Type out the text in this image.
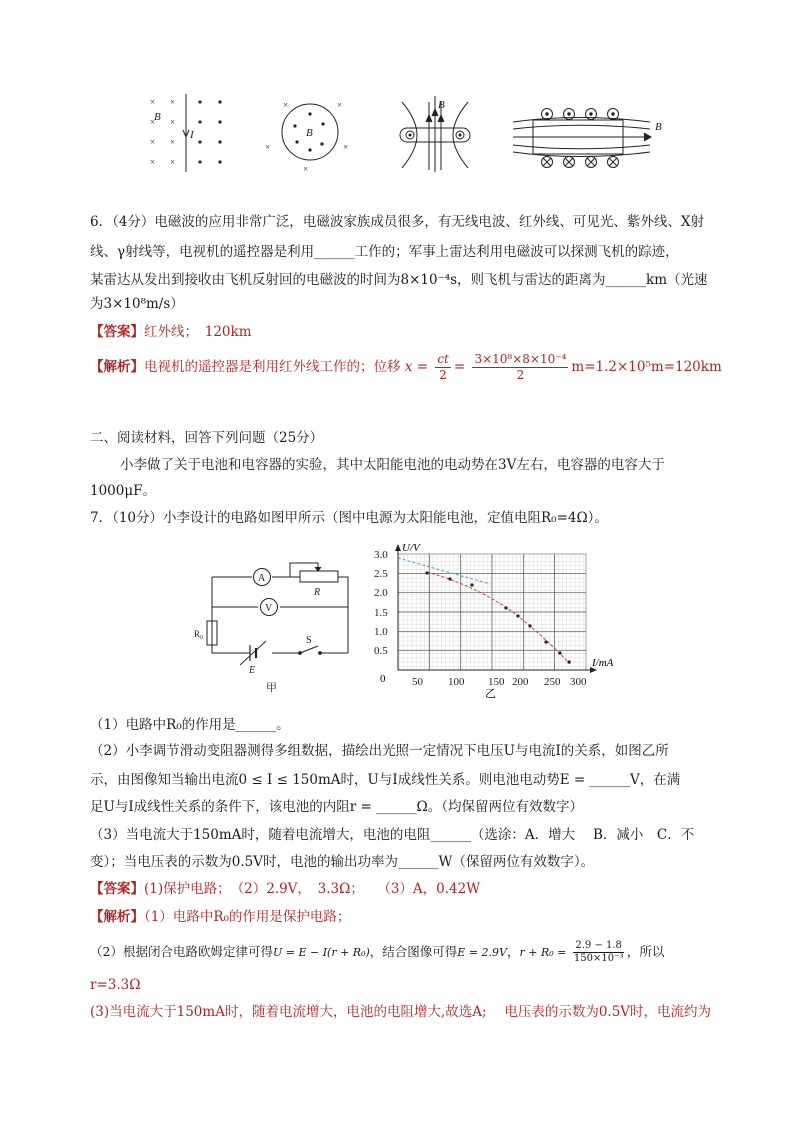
× ×
× ×
× ×
× ×
B
I
×	×
×	×
×
B
B
B
6．（4分）电磁波的应用非常广泛，电磁波家族成员很多，有无线电波、红外线、可见光、紫外线、X射
线、γ射线等，电视机的遥控器是利用______工作的；军事上雷达利用电磁波可以探测飞机的踪迹，
某雷达从发出到接收由飞机反射回的电磁波的时间为8×10⁻⁴s，则飞机与雷达的距离为______km（光速
为3×10⁸m/s）
【答案】红外线；　120km
【解析】电视机的遥控器是利用红外线工作的；位移 $x = \frac{ct}{2} = \frac{\text{3×10⁸×8×10⁻⁴}}{2} m=1.2\times 10^5m=120km$
二、阅读材料，回答下列问题（25分）
小李做了关于电池和电容器的实验，其中太阳能电池的电动势在3V左右，电容器的电容大于
1000μF。
7．（10分）小李设计的电路如图甲所示（图中电源为太阳能电池，定值电阻R₀=4Ω）。
A
V
R
R₀
S
E
甲
U/V
I/mA
0
乙
3.0
2.5
2.0
1.5
1.0
0.5
50 100 150 200 250 300
（1）电路中R₀的作用是______。
（2）小李调节滑动变阻器测得多组数据，描绘出光照一定情况下电压U与电流I的关系，如图乙所
示，由图像知当输出电流0 ≤ I ≤ 150mA时，U与I成线性关系。则电池电动势E = ______V，在满
足U与I成线性关系的条件下，该电池的内阻r = ______Ω。（均保留两位有效数字）
（3）当电流大于150mA时，随着电流增大，电池的电阻______（选涂：A．增大　 B．减小　C．不
变）；当电压表的示数为0.5V时，电池的输出功率为______W（保留两位有效数字）。
【答案】(1)保护电路；　（2）2.9V，　3.3Ω；　　（3）A，0.42W
【解析】（1）电路中R₀的作用是保护电路；
（2）根据闭合电路欧姆定律可得U = E − I(r + R₀)，结合图像可得E = 2.9V，$r + R_0 = \frac{2.9 - 1.8}{\text{150×10⁻³}}$ ，所以
r=3.3Ω
(3)当电流大于150mA时，随着电流增大，电池的电阻增大,故选A;　 电压表的示数为0.5V时，电流约为
